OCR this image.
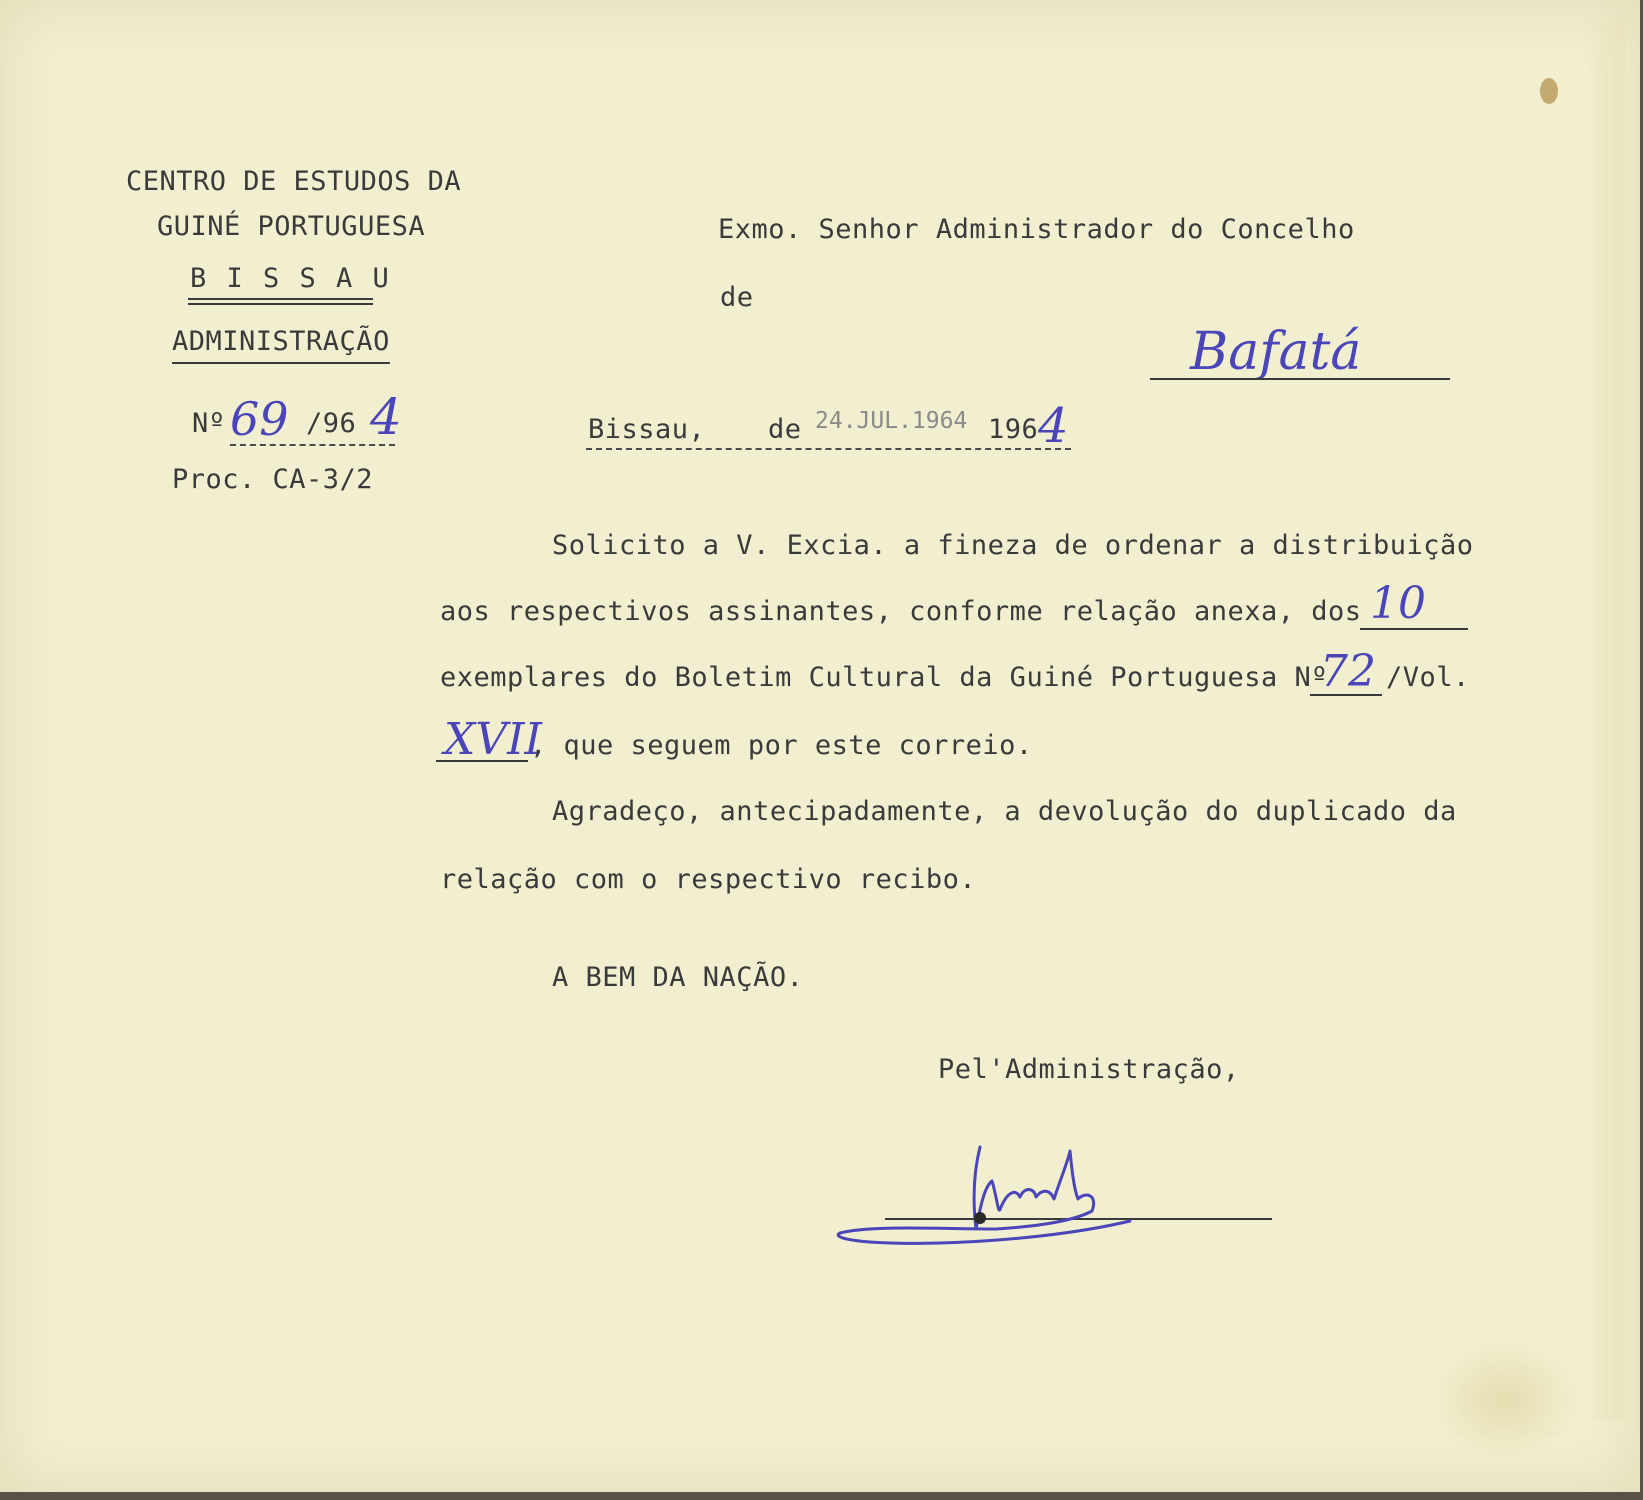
CENTRO DE ESTUDOS DA
GUINÉ PORTUGUESA
B I S S A U
ADMINISTRAÇÃO
Nº 69 /96 4
Proc. CA-3/2
Exmo. Senhor Administrador do Concelho
de
Bafatá
Bissau, de 24.JUL.1964 196 4
Solicito a V. Excia. a fineza de ordenar a distribuição
aos respectivos assinantes, conforme relação anexa, dos 10
exemplares do Boletim Cultural da Guiné Portuguesa Nº
72 /Vol.
XVII
, que seguem por este correio.
Agradeço, antecipadamente, a devolução do duplicado da
relação com o respectivo recibo.
A BEM DA NAÇÃO.
Pel'Administração,
